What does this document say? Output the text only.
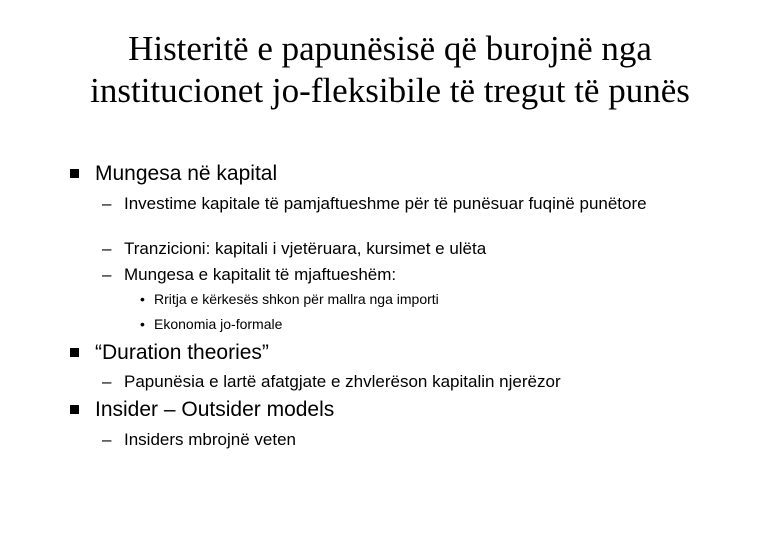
Histeritë e papunësisë që burojnë nga institucionet jo-fleksibile të tregut të punës
Mungesa në kapital
– Investime kapitale të pamjaftueshme për të punësuar fuqinë punëtore
– Tranzicioni: kapitali i vjetëruara, kursimet e ulëta
– Mungesa e kapitalit të mjaftueshëm:
• Rritja e kërkesës shkon për mallra nga importi
• Ekonomia jo-formale
“Duration theories”
– Papunësia e lartë afatgjate e zhvlerëson kapitalin njerëzor
Insider – Outsider models
– Insiders mbrojnë veten
